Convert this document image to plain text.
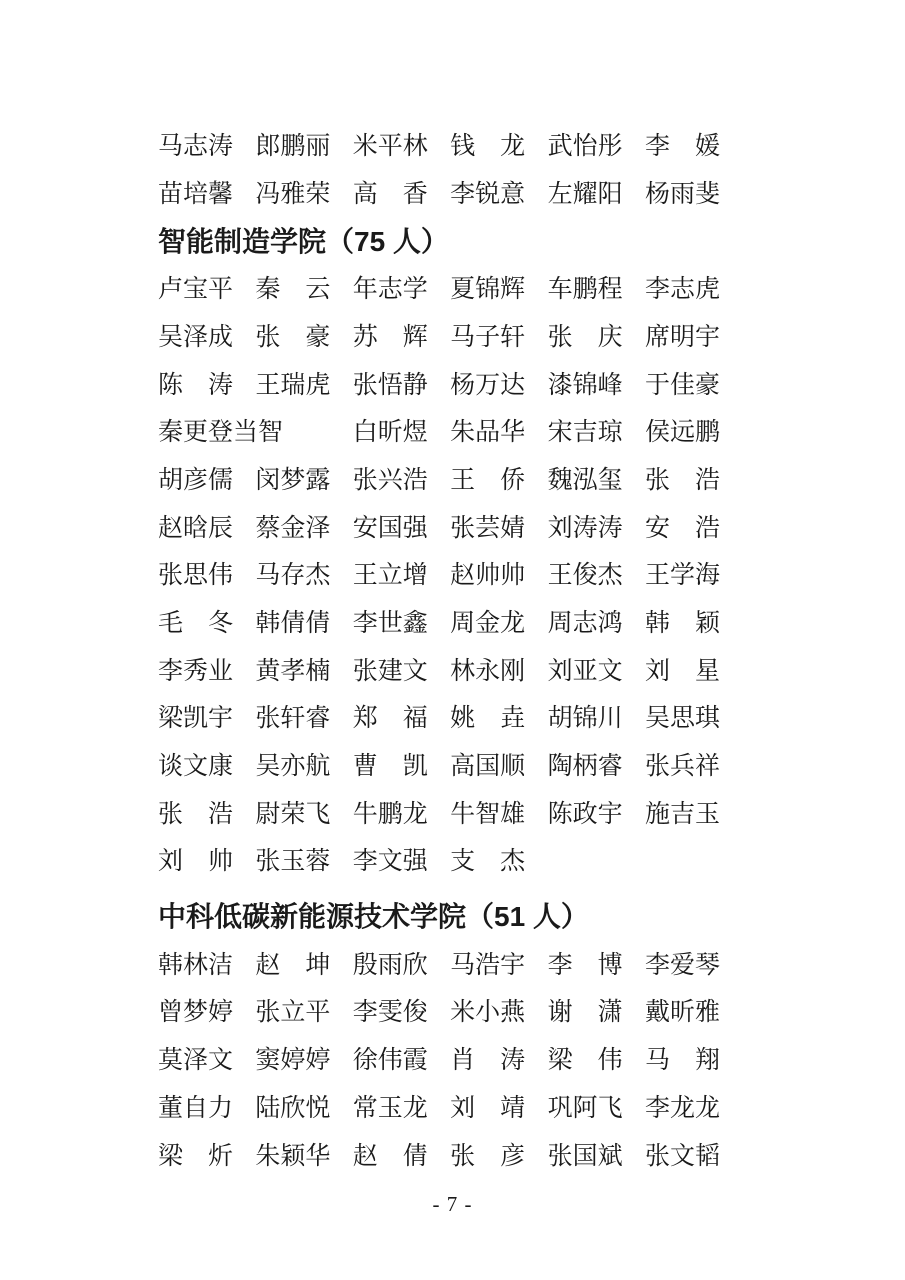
马志涛 郎鹏丽 米平林 钱　龙 武怡彤 李　媛
苗培馨 冯雅荣 高　香 李锐意 左耀阳 杨雨斐
智能制造学院（75 人）
卢宝平 秦　云 年志学 夏锦辉 车鹏程 李志虎
吴泽成 张　豪 苏　辉 马子轩 张　庆 席明宇
陈　涛 王瑞虎 张悟静 杨万达 漆锦峰 于佳豪
秦更登当智	白昕煜 朱品华 宋吉琼 侯远鹏
胡彦儒 闵梦露 张兴浩 王　侨 魏泓玺 张　浩
赵晗辰 蔡金泽 安国强 张芸婧 刘涛涛 安　浩
张思伟 马存杰 王立增 赵帅帅 王俊杰 王学海
毛　冬 韩倩倩 李世鑫 周金龙 周志鸿 韩　颖
李秀业 黄孝楠 张建文 林永刚 刘亚文 刘　星
梁凯宇 张轩睿 郑　福 姚　垚 胡锦川 吴思琪
谈文康 吴亦航 曹　凯 高国顺 陶柄睿 张兵祥
张　浩 尉荣飞 牛鹏龙 牛智雄 陈政宇 施吉玉
刘　帅 张玉蓉 李文强 支　杰
中科低碳新能源技术学院（51 人）
韩林洁 赵　坤 殷雨欣 马浩宇 李　博 李爱琴
曾梦婷 张立平 李雯俊 米小燕 谢　潇 戴昕雅
莫泽文 窦婷婷 徐伟霞 肖　涛 梁　伟 马　翔
董自力 陆欣悦 常玉龙 刘　靖 巩阿飞 李龙龙
梁　炘 朱颖华 赵　倩 张　彦 张国斌 张文韬
- 7 -
